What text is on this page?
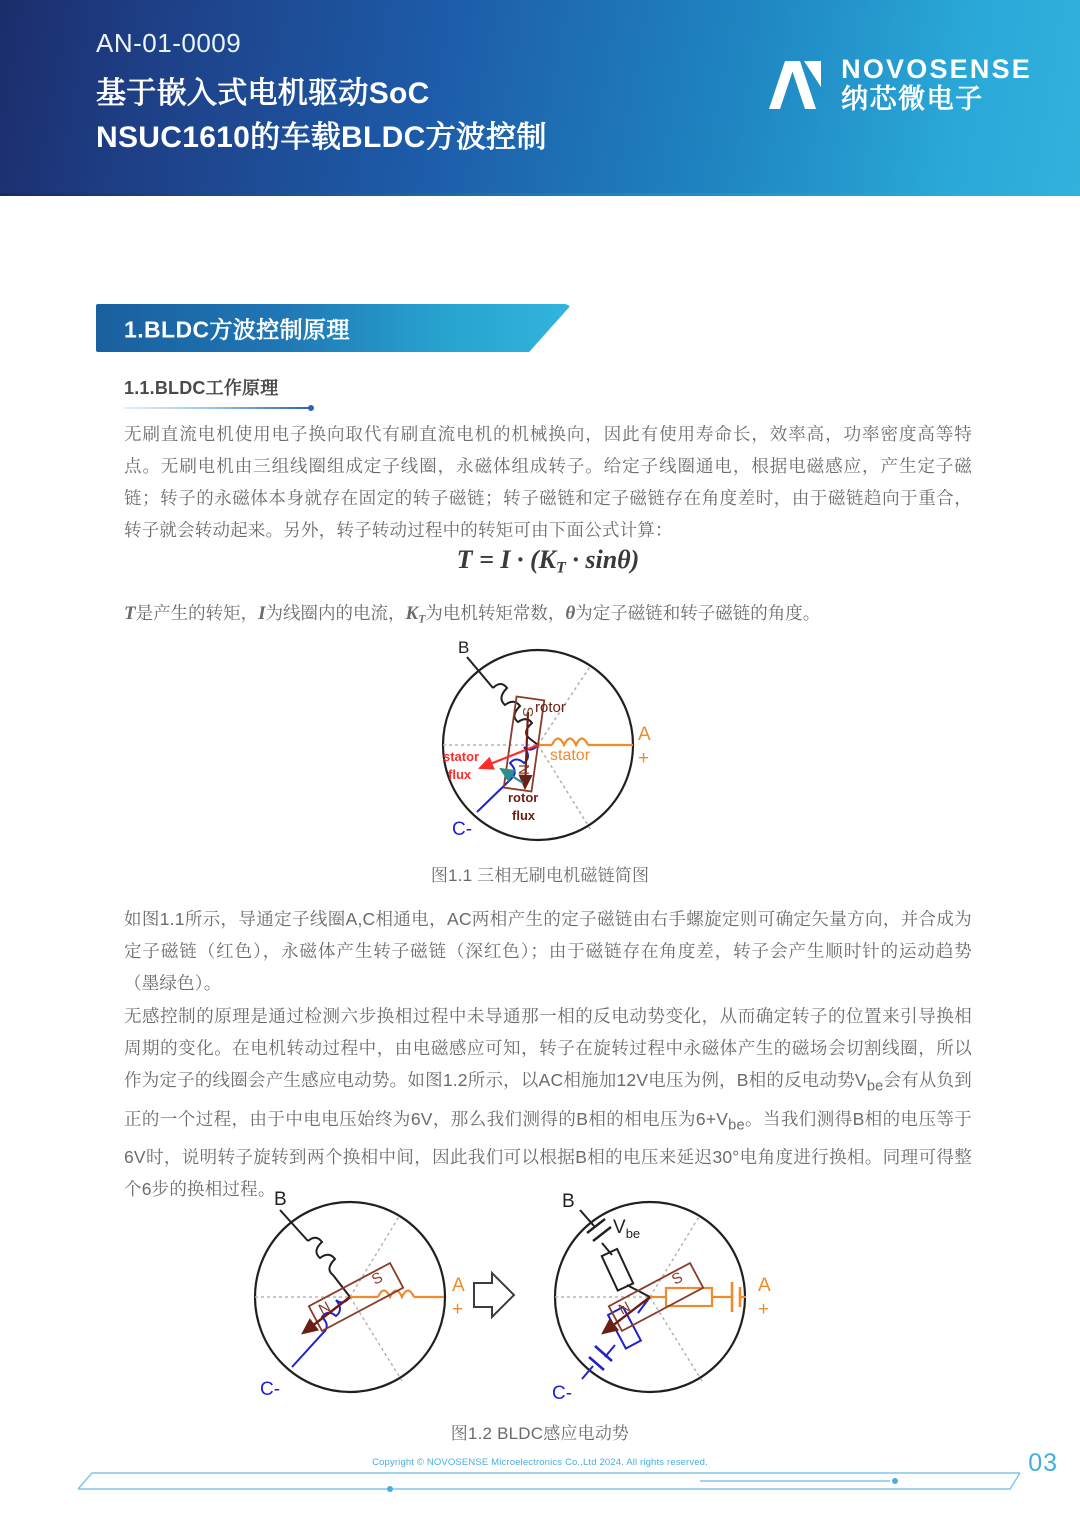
AN-01-0009
基于嵌入式电机驱动SoC
NSUC1610的车载BLDC方波控制
NOVOSENSE
纳芯微电子
1.BLDC方波控制原理
1.1.BLDC工作原理

无刷直流电机使用电子换向取代有刷直流电机的机械换向，因此有使用寿命长，效率高，功率密度高等特点。无刷电机由三组线圈组成定子线圈，永磁体组成转子。给定子线圈通电，根据电磁感应，产生定子磁链；转子的永磁体本身就存在固定的转子磁链；转子磁链和定子磁链存在角度差时，由于磁链趋向于重合，转子就会转动起来。另外，转子转动过程中的转矩可由下面公式计算：

$T = I \cdot (K_T \cdot \sin\theta)$
T是产生的转矩，I为线圈内的电流，$K_T$为电机转矩常数，θ为定子磁链和转子磁链的角度。
B
A
+
C-
S
N
rotor
stator
stator
flux
rotor
flux
图1.1 三相无刷电机磁链简图

如图1.1所示，导通定子线圈A,C相通电，AC两相产生的定子磁链由右手螺旋定则可确定矢量方向，并合成为定子磁链（红色），永磁体产生转子磁链（深红色）；由于磁链存在角度差，转子会产生顺时针的运动趋势（墨绿色）。

无感控制的原理是通过检测六步换相过程中未导通那一相的反电动势变化，从而确定转子的位置来引导换相周期的变化。在电机转动过程中，由电磁感应可知，转子在旋转过程中永磁体产生的磁场会切割线圈，所以作为定子的线圈会产生感应电动势。如图1.2所示，以AC相施加12V电压为例，B相的反电动势$V_{be}$会有从负到正的一个过程，由于中电电压始终为6V，那么我们测得的B相的相电压为$6+V_{be}$。当我们测得B相的电压等于6V时，说明转子旋转到两个换相中间，因此我们可以根据B相的电压来延迟30°电角度进行换相。同理可得整个6步的换相过程。

B
A
+
C-
S
N
B
$V_{be}$
A
+
C-
S
N
图1.2 BLDC感应电动势
Copyright © NOVOSENSE Microelectronics Co.,Ltd 2024. All rights reserved.	03
